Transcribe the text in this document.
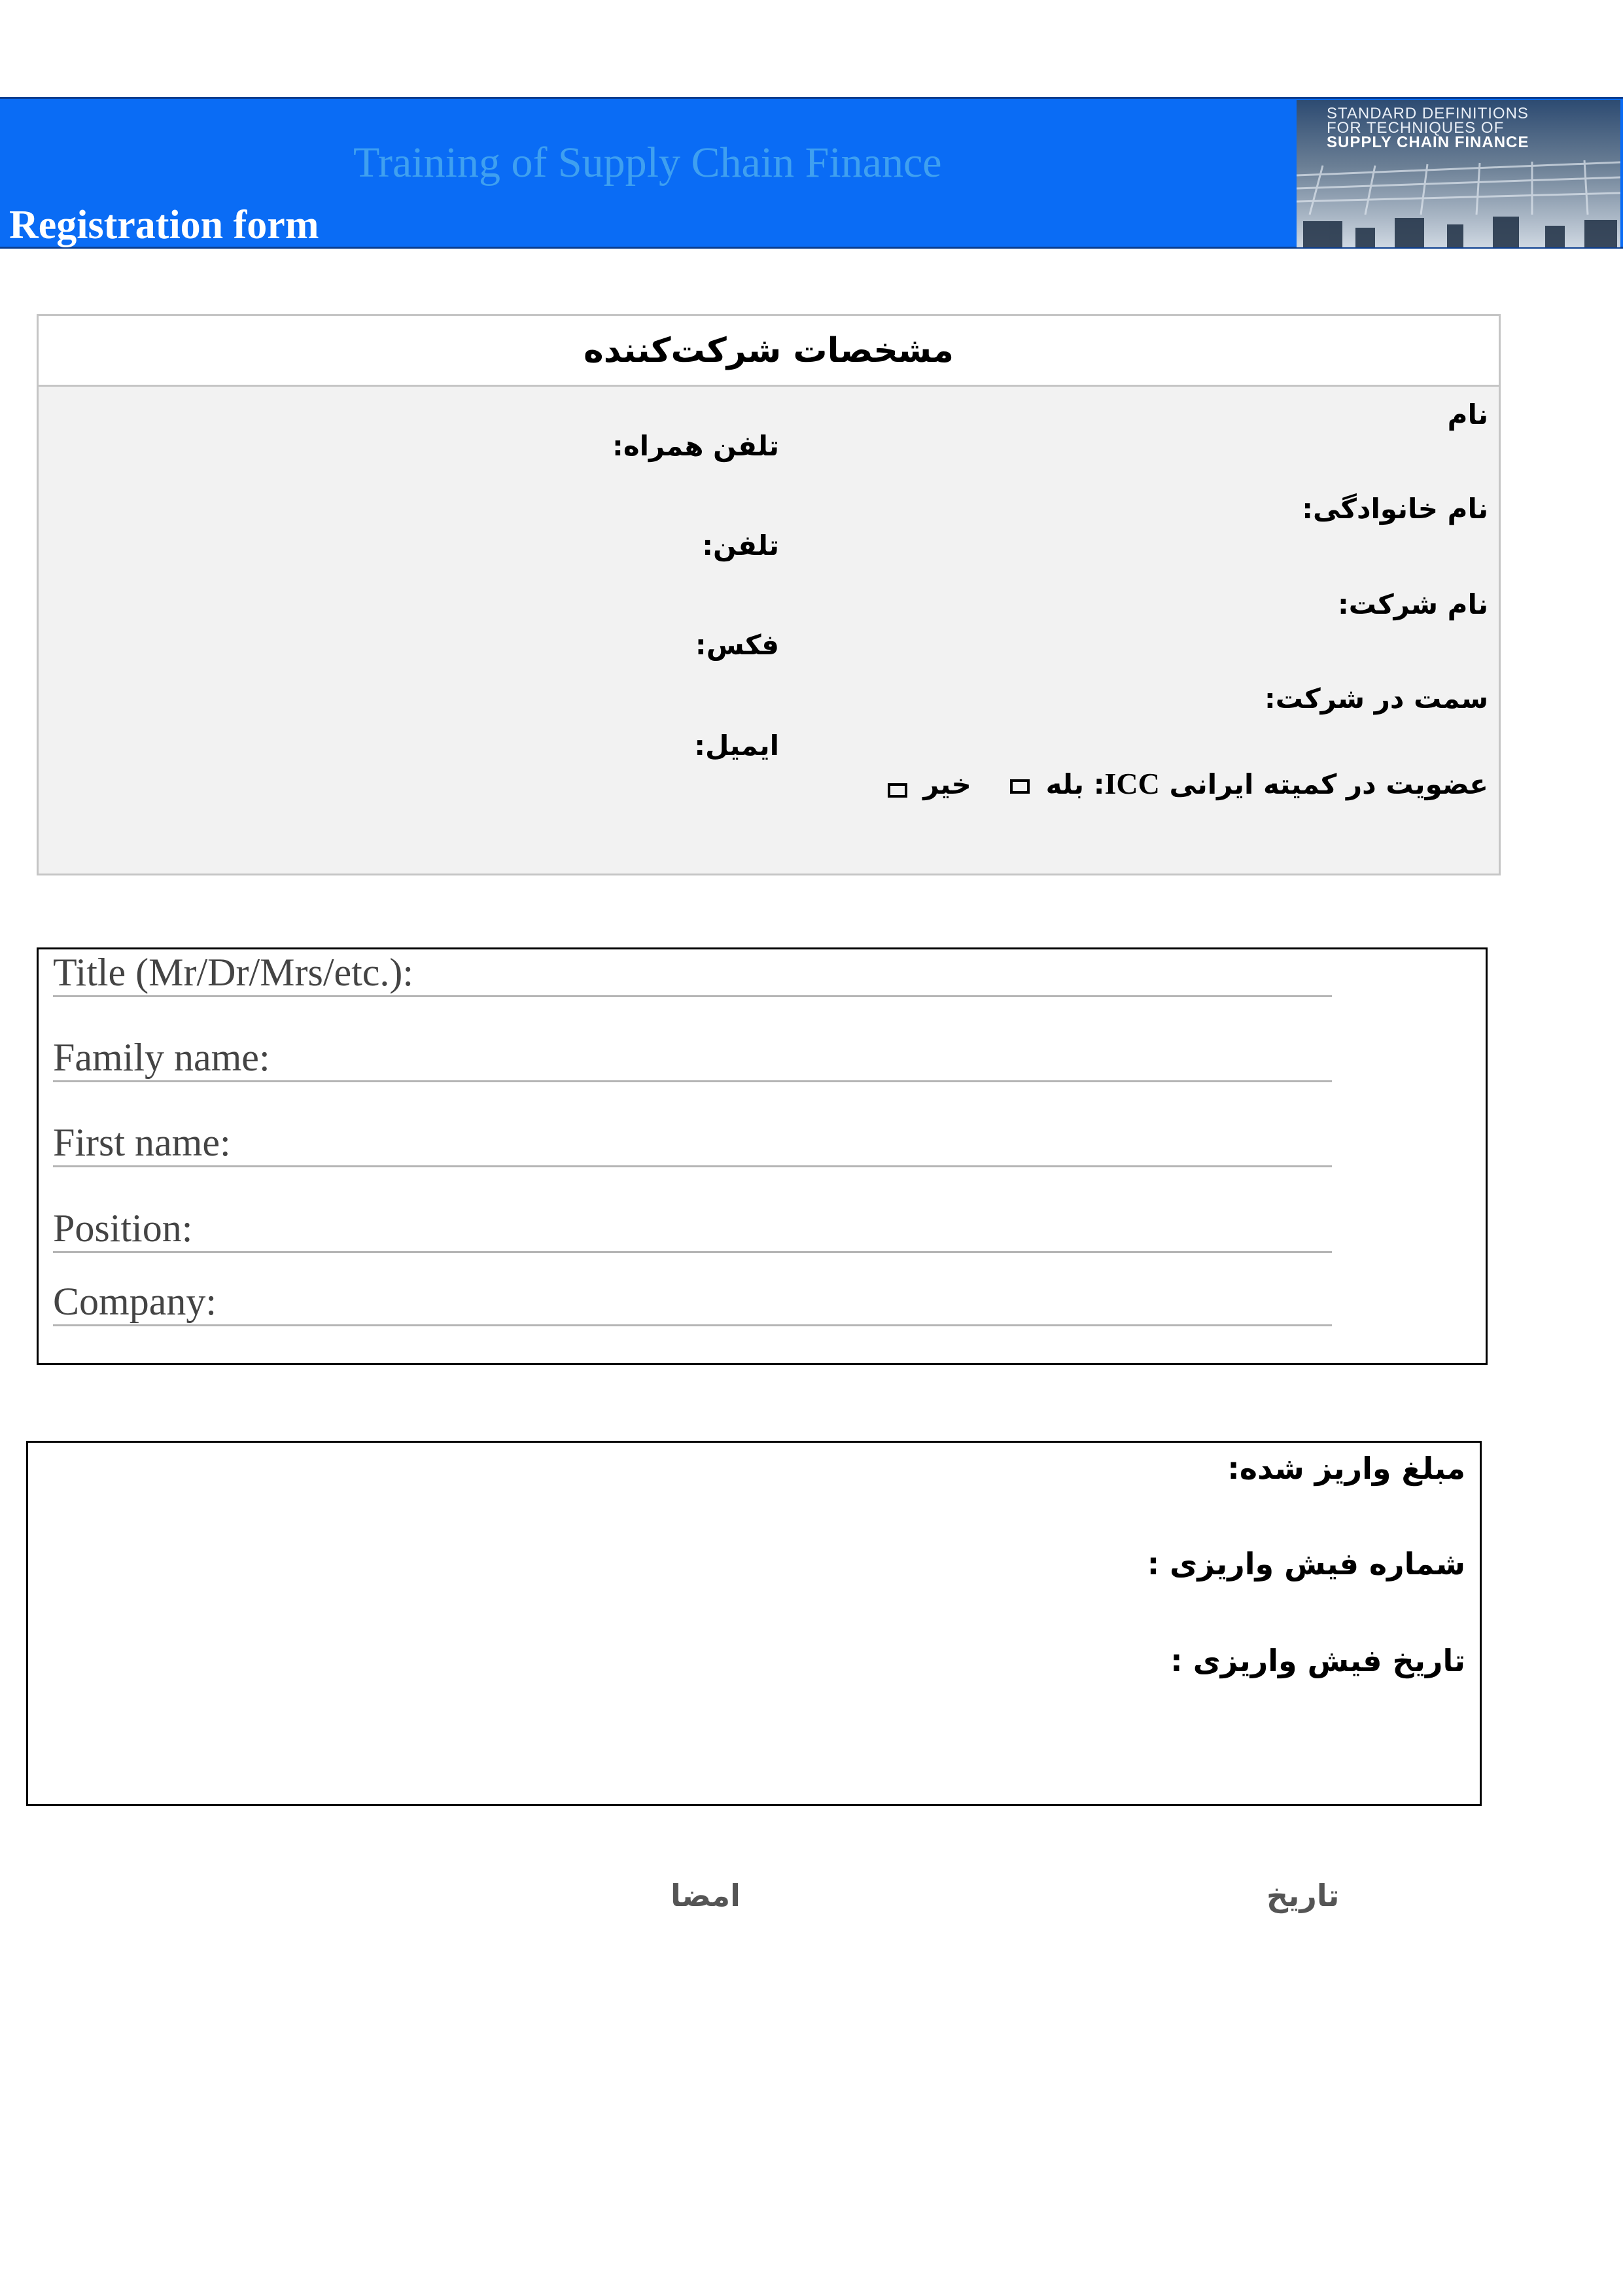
Training of Supply Chain Finance
Registration form
STANDARD DEFINITIONS
FOR TECHNIQUES OF
SUPPLY CHAIN FINANCE
مشخصات شرکت‌کننده
نام
نام خانوادگی:
نام شرکت:
سمت در شرکت:
عضویت در کمیته ایرانی ICC: بله   خیر
تلفن همراه:
تلفن:
فکس:
ایمیل:
Title (Mr/Dr/Mrs/etc.):
Family name:
First name:
Position:
Company:
مبلغ واریز شده:
شماره فیش واریزی :
تاریخ فیش واریزی :
تاریخ
امضا
